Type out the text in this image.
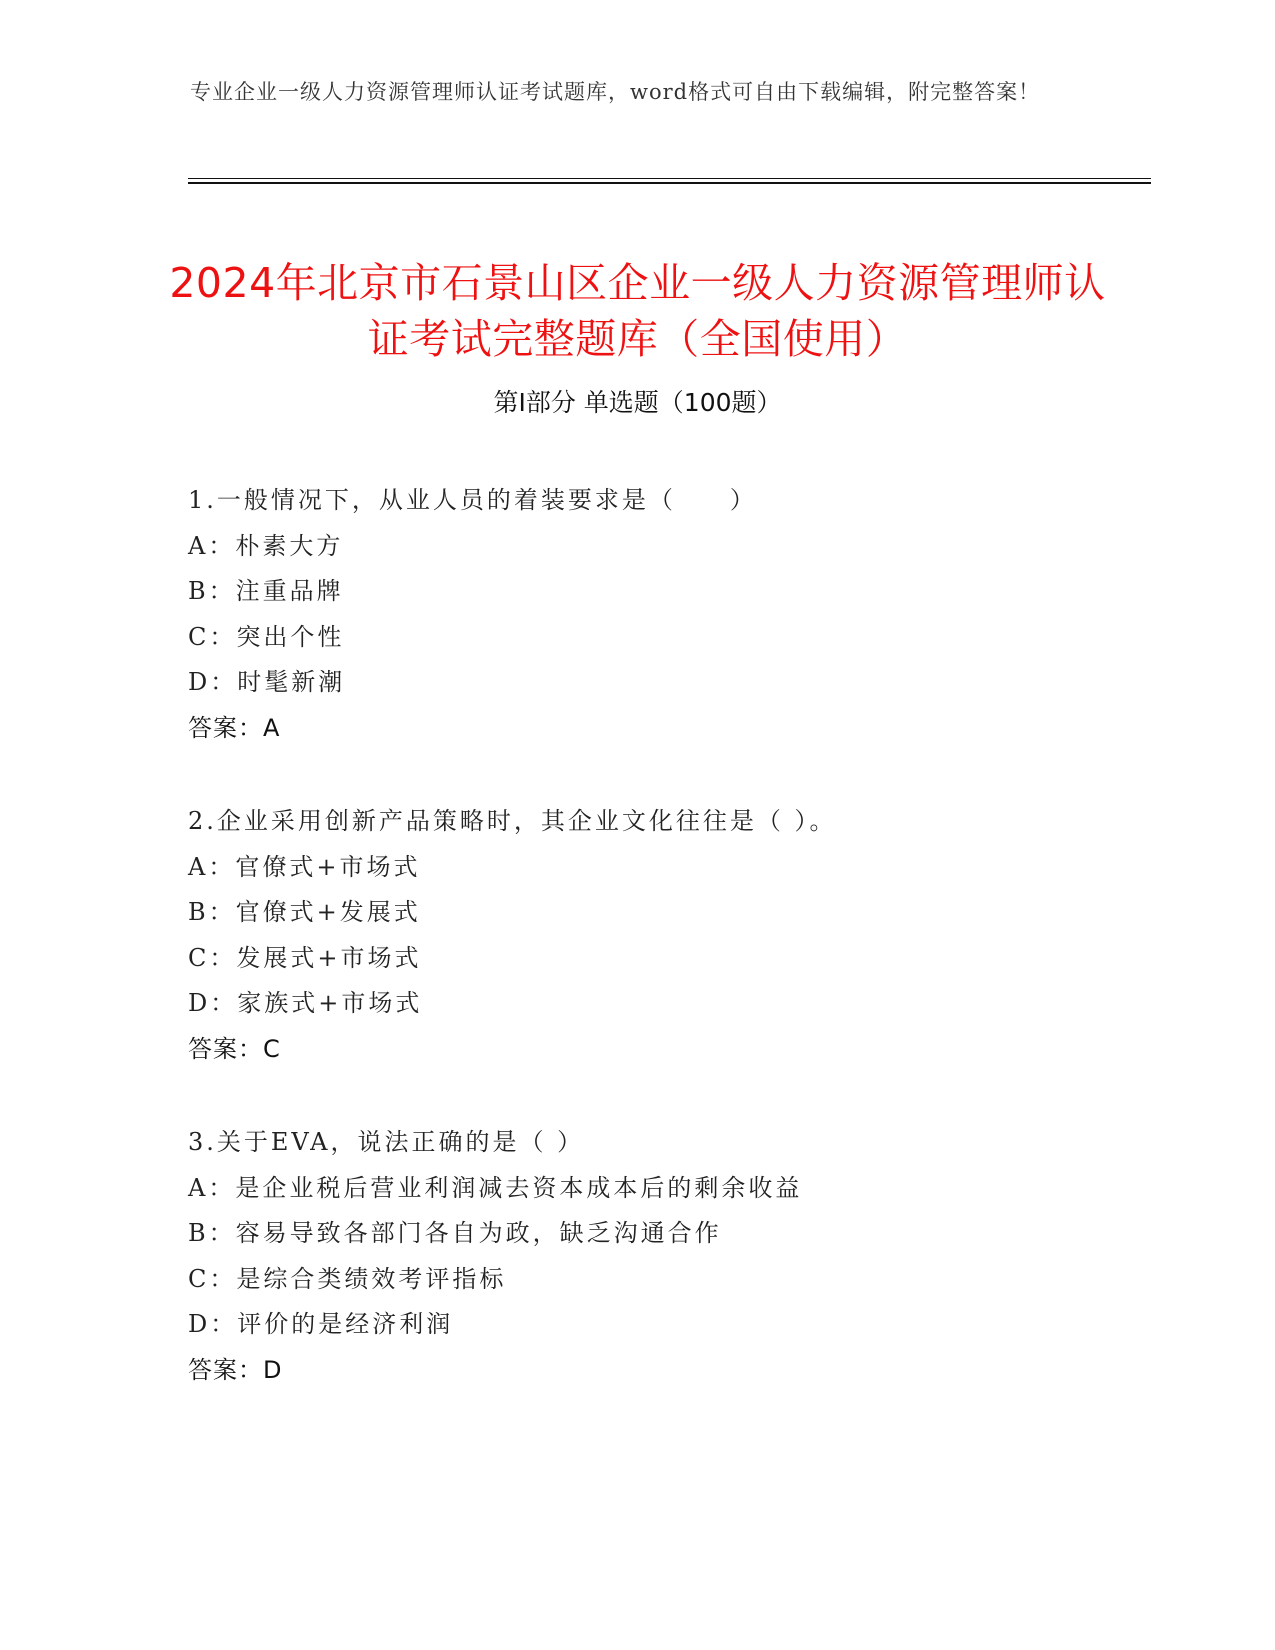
专业企业一级人力资源管理师认证考试题库，word格式可自由下载编辑，附完整答案！
2024年北京市石景山区企业一级人力资源管理师认证考试完整题库（全国使用）
第Ⅰ部分 单选题（100题）
1.一般情况下，从业人员的着装要求是（　　）
A：朴素大方
B：注重品牌
C：突出个性
D：时髦新潮
答案：A
2.企业采用创新产品策略时，其企业文化往往是（ ）。
A：官僚式+市场式
B：官僚式+发展式
C：发展式+市场式
D：家族式+市场式
答案：C
3.关于EVA，说法正确的是（ ）
A：是企业税后营业利润减去资本成本后的剩余收益
B：容易导致各部门各自为政，缺乏沟通合作
C：是综合类绩效考评指标
D：评价的是经济利润
答案：D
